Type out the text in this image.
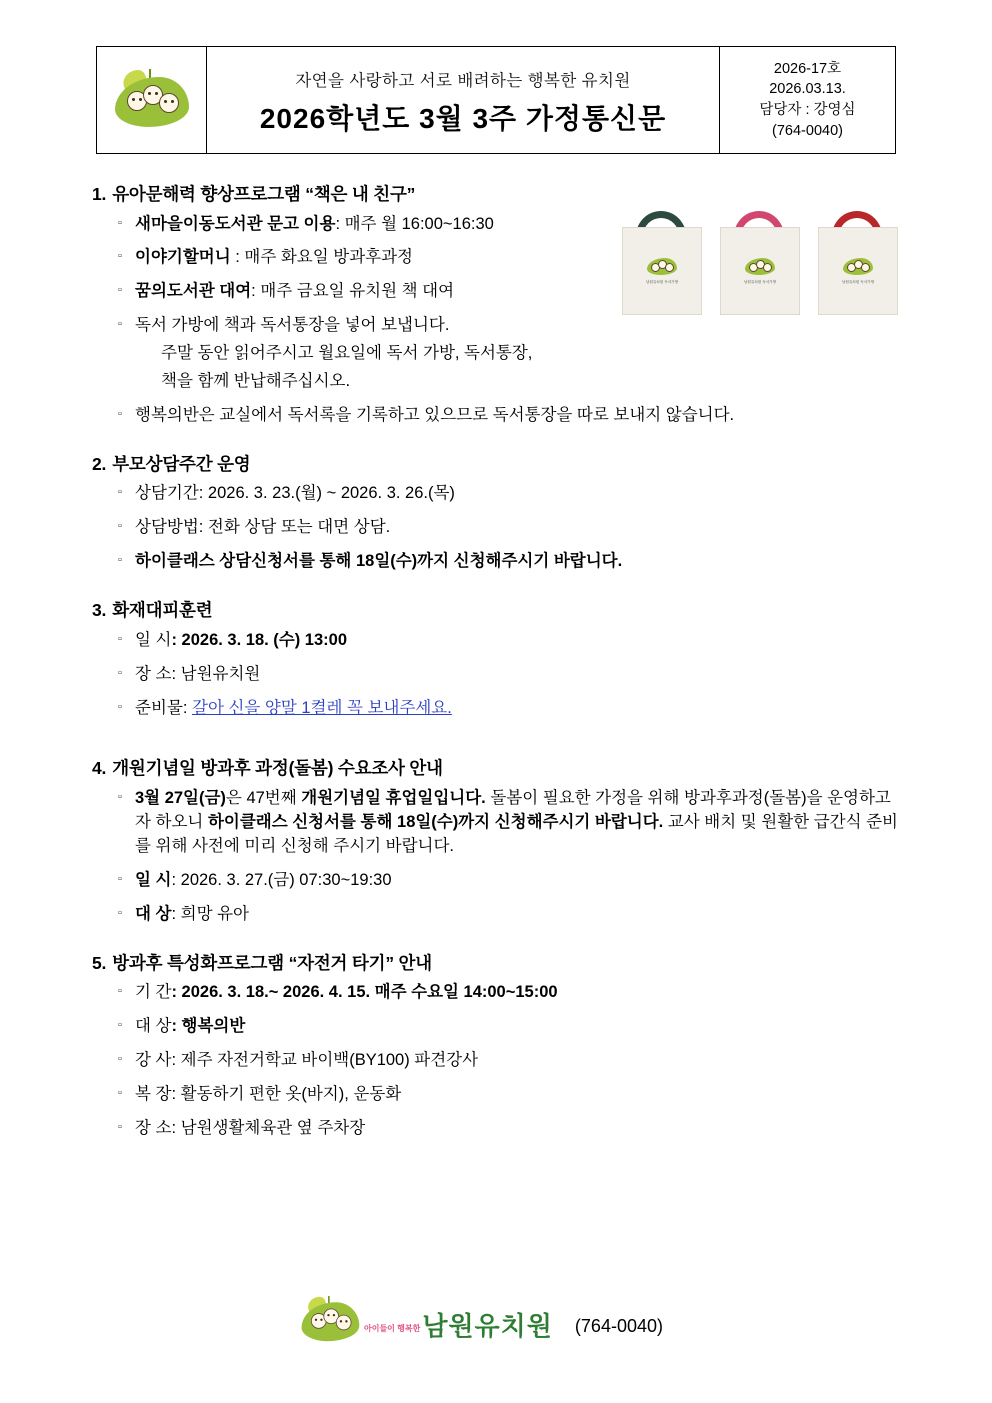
자연을 사랑하고 서로 배려하는 행복한 유치원
2026학년도 3월 3주 가정통신문
2026-17호
2026.03.13.
담당자 : 강영심
(764-0040)
남원유치원 독서가방	남원유치원 독서가방	남원유치원 독서가방
1. 유아문해력 향상프로그램 “책은 내 친구”
▫
새마을이동도서관 문고 이용: 매주 월 16:00~16:30
▫
이야기할머니 : 매주 화요일 방과후과정
▫
꿈의도서관 대여: 매주 금요일 유치원 책 대여
▫
독서 가방에 책과 독서통장을 넣어 보냅니다.
주말 동안 읽어주시고 월요일에 독서 가방, 독서통장,
책을 함께 반납해주십시오.
▫
행복의반은 교실에서 독서록을 기록하고 있으므로 독서통장을 따로 보내지 않습니다.
2. 부모상담주간 운영
▫
상담기간: 2026. 3. 23.(월) ~ 2026. 3. 26.(목)
▫
상담방법: 전화 상담 또는 대면 상담.
▫
하이클래스 상담신청서를 통해 18일(수)까지 신청해주시기 바랍니다.
3. 화재대피훈련
▫
일 시: 2026. 3. 18. (수) 13:00
▫
장 소: 남원유치원
▫
준비물: 갈아 신을 양말 1켤레 꼭 보내주세요.
4. 개원기념일 방과후 과정(돌봄) 수요조사 안내
▫
3월 27일(금)은 47번째 개원기념일 휴업일입니다. 돌봄이 필요한 가정을 위해 방과후과정(돌봄)을 운영하고자 하오니 하이클래스 신청서를 통해 18일(수)까지 신청해주시기 바랍니다. 교사 배치 및 원활한 급간식 준비를 위해 사전에 미리 신청해 주시기 바랍니다.
▫
일 시: 2026. 3. 27.(금) 07:30~19:30
▫
대 상: 희망 유아
5. 방과후 특성화프로그램 “자전거 타기” 안내
▫
기 간: 2026. 3. 18.~ 2026. 4. 15. 매주 수요일 14:00~15:00
▫
대 상: 행복의반
▫
강 사: 제주 자전거학교 바이백(BY100) 파견강사
▫
복 장: 활동하기 편한 옷(바지), 운동화
▫
장 소: 남원생활체육관 옆 주차장
아이들이 행복한 남원유치원 (764-0040)
